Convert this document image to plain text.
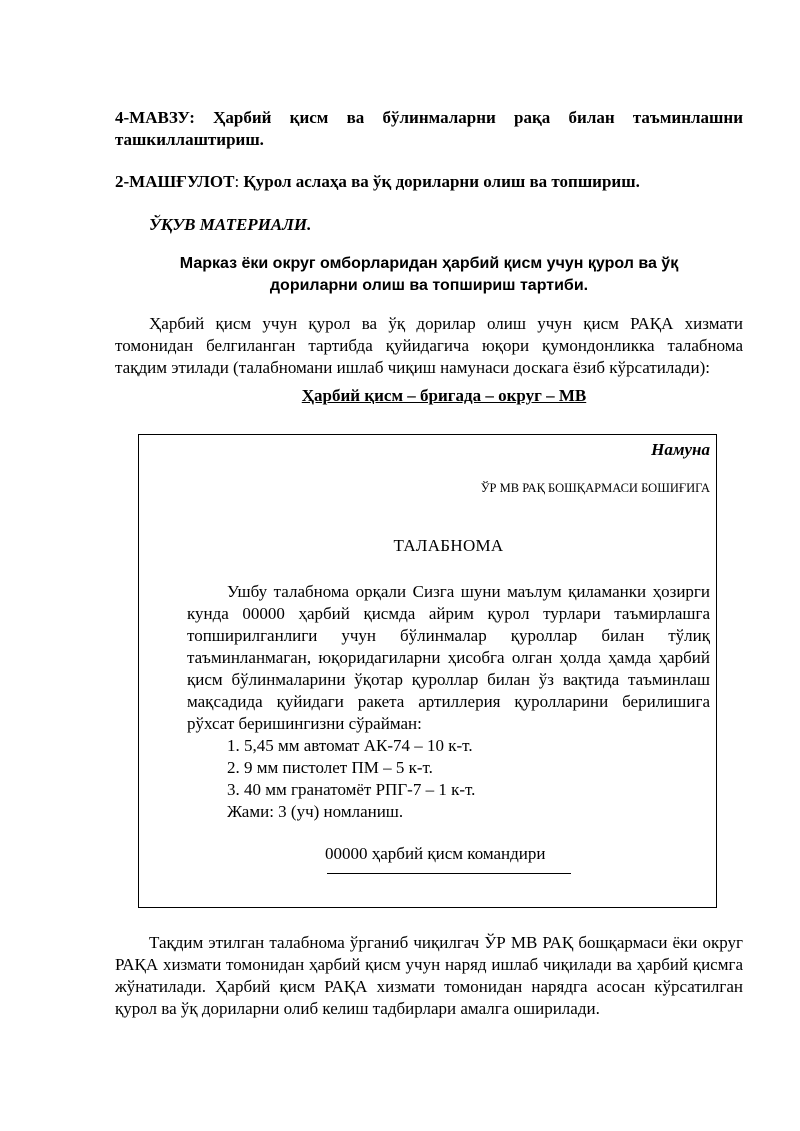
4-МАВЗУ: Ҳарбий қисм ва бўлинмаларни рақа билан таъминлашни ташкиллаштириш.

2-МАШҒУЛОТ: Қурол аслаҳа ва ўқ дориларни олиш ва топшириш.

ЎҚУВ МАТЕРИАЛИ.

Марказ ёки округ омборларидан ҳарбий қисм учун қурол ва ўқ дориларни олиш ва топшириш тартиби.

Ҳарбий қисм учун қурол ва ўқ дорилар олиш учун қисм РАҚА хизмати томонидан белгиланган тартибда қуйидагича юқори қумондонликка талабнома тақдим этилади (талабномани ишлаб чиқиш намунаси доскага ёзиб кўрсатилади):

Ҳарбий қисм – бригада – округ – МВ

Намуна

ЎР МВ РАҚ БОШҚАРМАСИ БОШИҒИГА
ТАЛАБНОМА

Ушбу талабнома орқали Сизга шуни маълум қиламанки ҳозирги кунда 00000 ҳарбий қисмда айрим қурол турлари таъмирлашга топширилганлиги учун бўлинмалар қуроллар билан тўлиқ таъминланмаган, юқоридагиларни ҳисобга олган ҳолда ҳамда ҳарбий қисм бўлинмаларини ўқотар қуроллар билан ўз вақтида таъминлаш мақсадида қуйидаги ракета артиллерия қуролларини берилишига рўхсат беришингизни сўрайман:

1. 5,45 мм автомат АК-74 – 10 к-т.
2. 9 мм пистолет ПМ – 5 к-т.
3. 40 мм гранатомёт РПГ-7 – 1 к-т.

Жами: 3 (уч) номланиш.

00000 ҳарбий қисм командири

Тақдим этилган талабнома ўрганиб чиқилгач ЎР МВ РАҚ бошқармаси ёки округ РАҚА хизмати томонидан ҳарбий қисм учун наряд ишлаб чиқилади ва ҳарбий қисмга жўнатилади. Ҳарбий қисм РАҚА хизмати томонидан нарядга асосан кўрсатилган қурол ва ўқ дориларни олиб келиш тадбирлари амалга оширилади.
